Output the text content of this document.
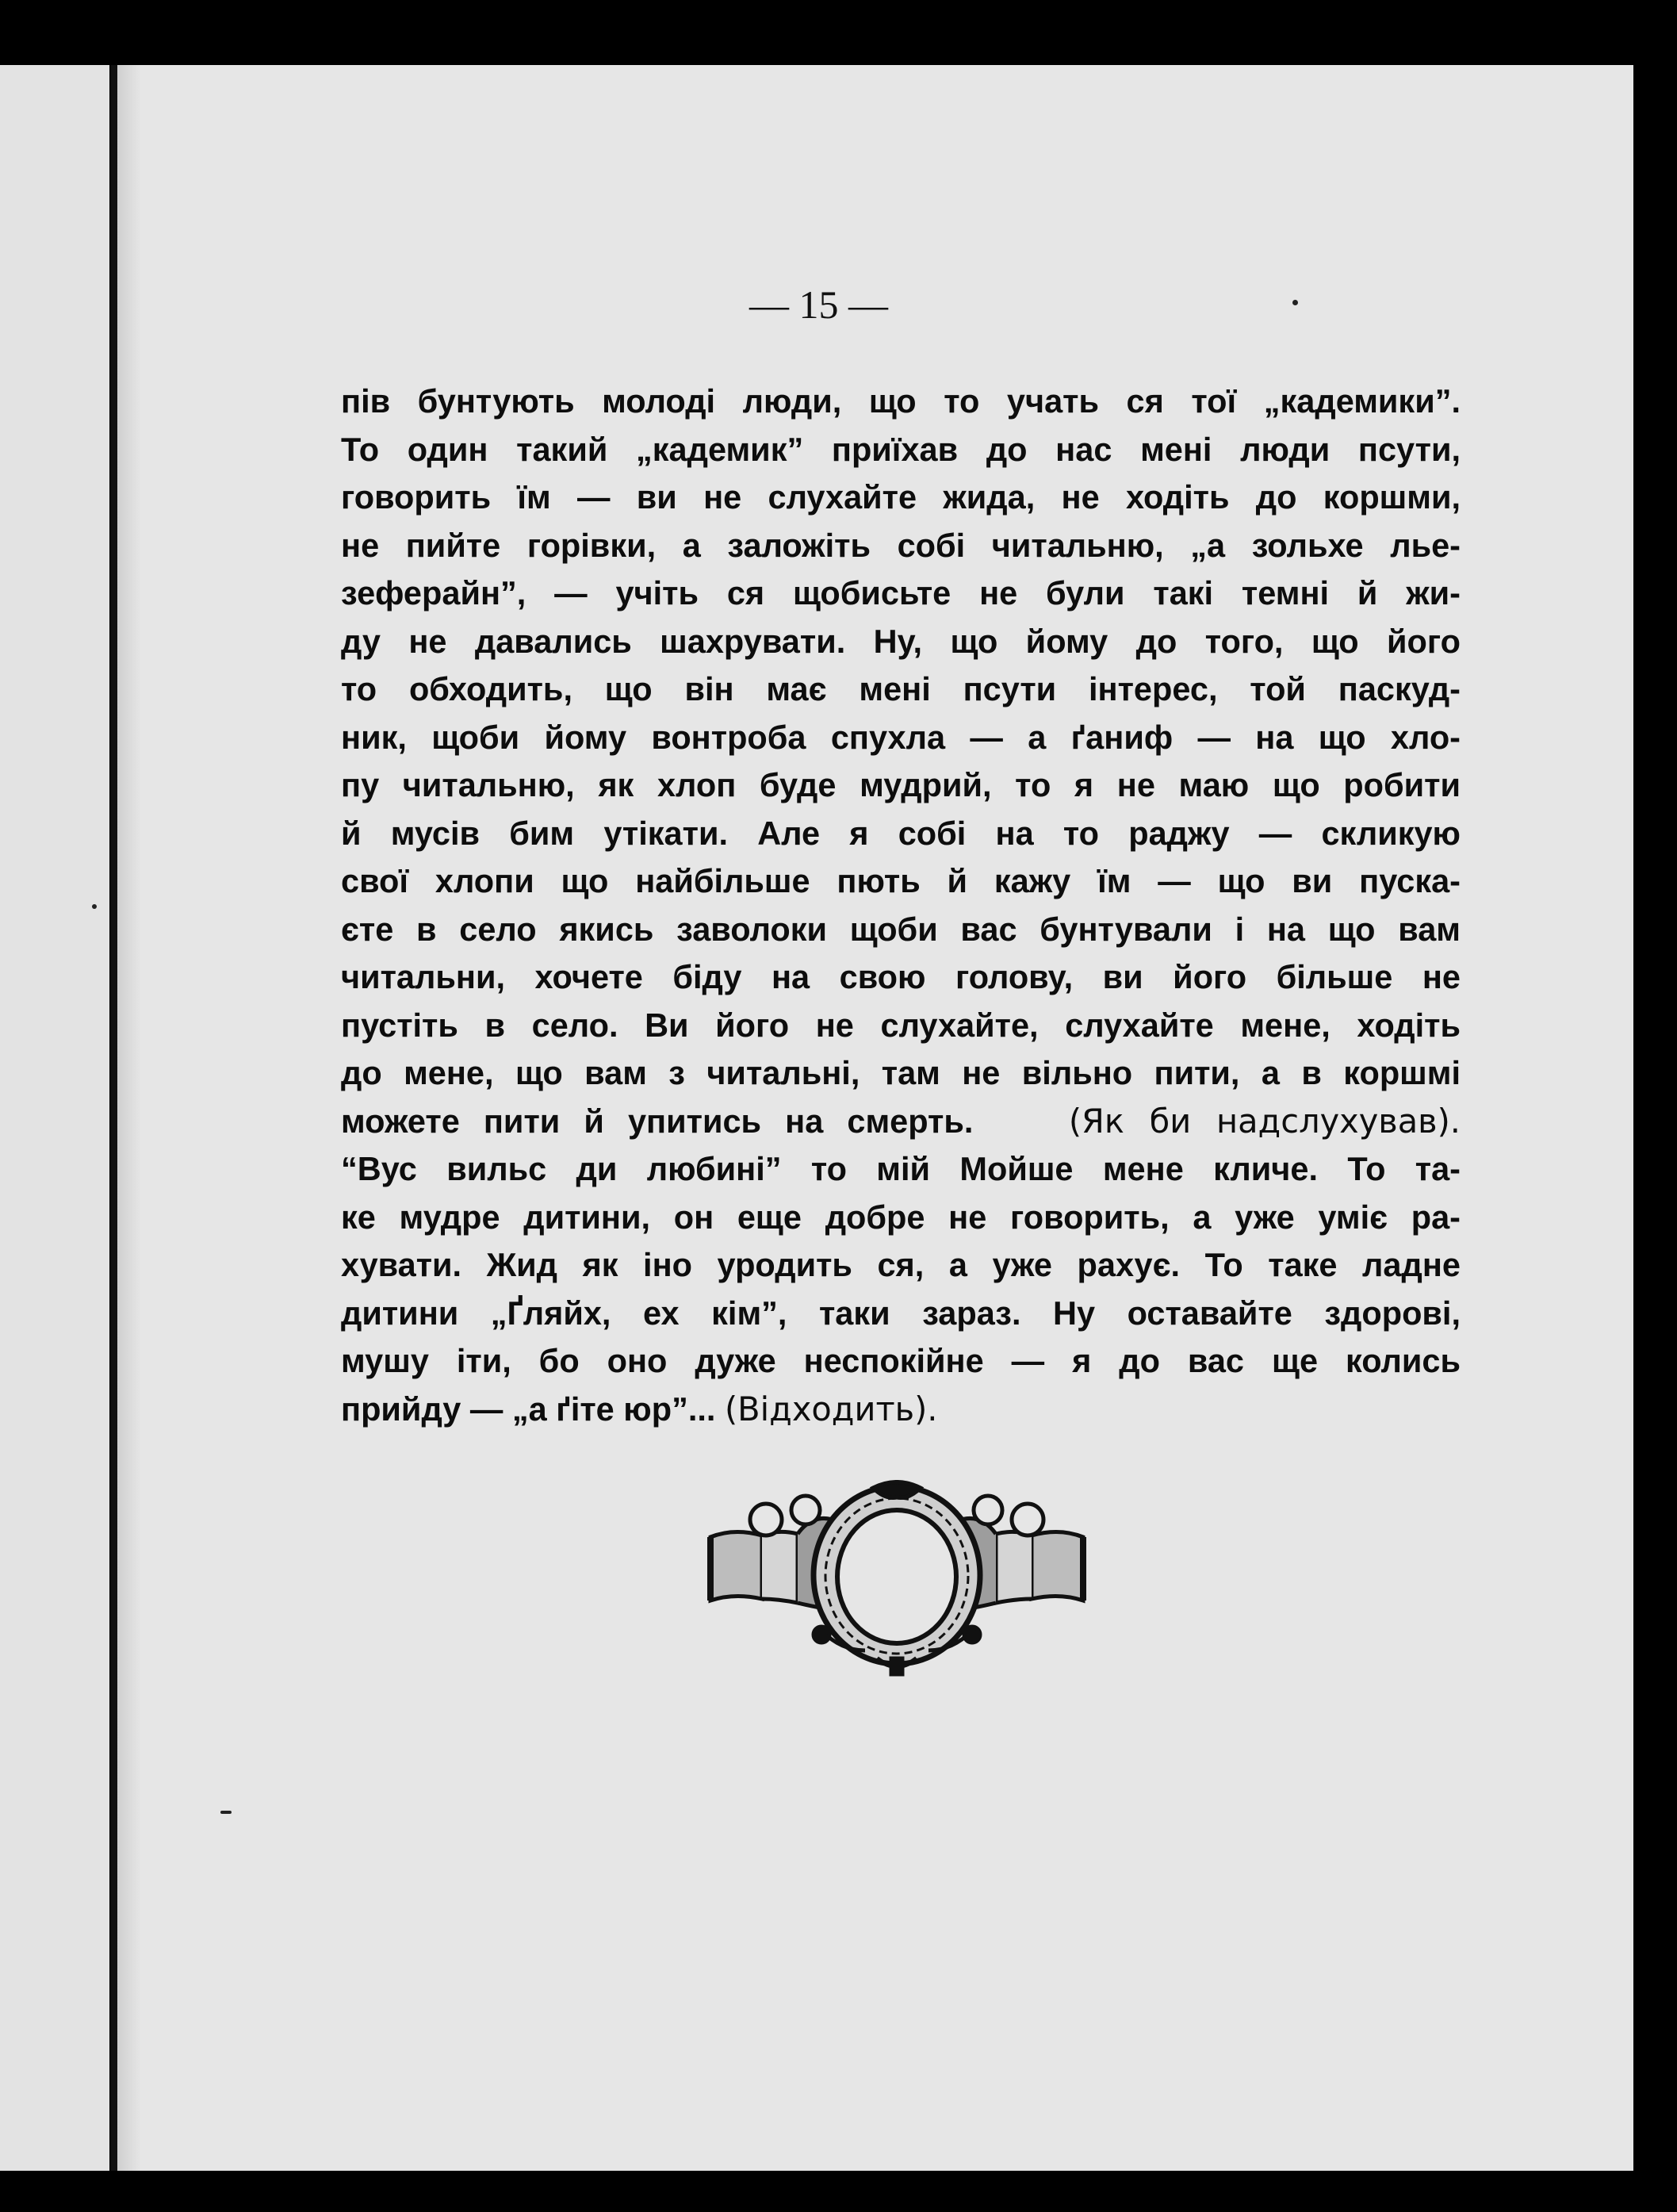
— 15 —
пів бунтують молоді люди, що то учать ся тої „кадемики”.
То один такий „кадемик” приїхав до нас мені люди псути,
говорить їм — ви не слухайте жида, не ходіть до коршми,
не пийте горівки, а заложіть собі читальню, „а зольхе лье-
зеферайн”, — учіть ся щобисьте не були такі темні й жи-
ду не давались шахрувати. Ну, що йому до того, що його
то обходить, що він має мені псути інтерес, той паскуд-
ник, щоби йому вонтроба спухла — а ґаниф — на що хло-
пу читальню, як хлоп буде мудрий, то я не маю що робити
й мусів бим утікати. Але я собі на то раджу — скликую
свої хлопи що найбільше пють й кажу їм — що ви пуска-
єте в село якись заволоки щоби вас бунтували і на що вам
читальни, хочете біду на свою голову, ви його більше не
пустіть в село. Ви його не слухайте, слухайте мене, ходіть
до мене, що вам з читальні, там не вільно пити, а в коршмі
можете пити й упитись на смерть.	(Як би надслухував).
“Вус вильс ди любині” то мій Мойше мене кличе. То та-
ке мудре дитини, он еще добре не говорить, а уже уміє ра-
хувати. Жид як іно уродить ся, а уже рахує. То таке ладне
дитини „Ґляйх, ех кім”, таки зараз. Ну оставайте здорові,
мушу іти, бо оно дуже неспокійне — я до вас ще колись
прийду — „а ґіте юр”... (Відходить).
